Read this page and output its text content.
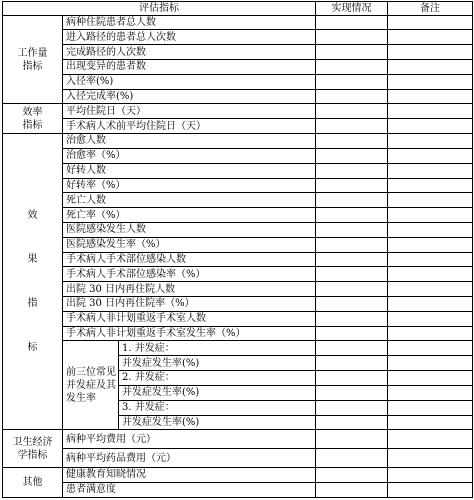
评估指标			实现情况	备注
工作量
指标	病种住院患者总人数			
	进入路径的患者总人次数			
	完成路径的人次数			
	出现变异的患者数			
	入径率(%)			
	入径完成率(%)			
效率
指标	平均住院日（天）			
	手术病人术前平均住院日（天）			

效
果
指
标	治愈人数			
	治愈率（%）			
	好转人数			
	好转率（%）			
	死亡人数			
	死亡率（%）			
	医院感染发生人数			
	医院感染发生率（%）			
	手术病人手术部位感染人数			
	手术病人手术部位感染率（%）			
	出院 30 日内再住院人数			
	出院 30 日内再住院率（%）			
	手术病人非计划重返手术室人数			
	手术病人非计划重返手术室发生率（%）			
	前三位常见并发症及其发生率	1. 并发症：		
		并发症发生率(%)		
		2. 并发症：		
		并发症发生率(%)		
		3. 并发症：		
		并发症发生率(%)		
卫生经济
学指标	病种平均费用（元）			
	病种平均药品费用（元）			
其他	健康教育知晓情况			
	患者满意度			
